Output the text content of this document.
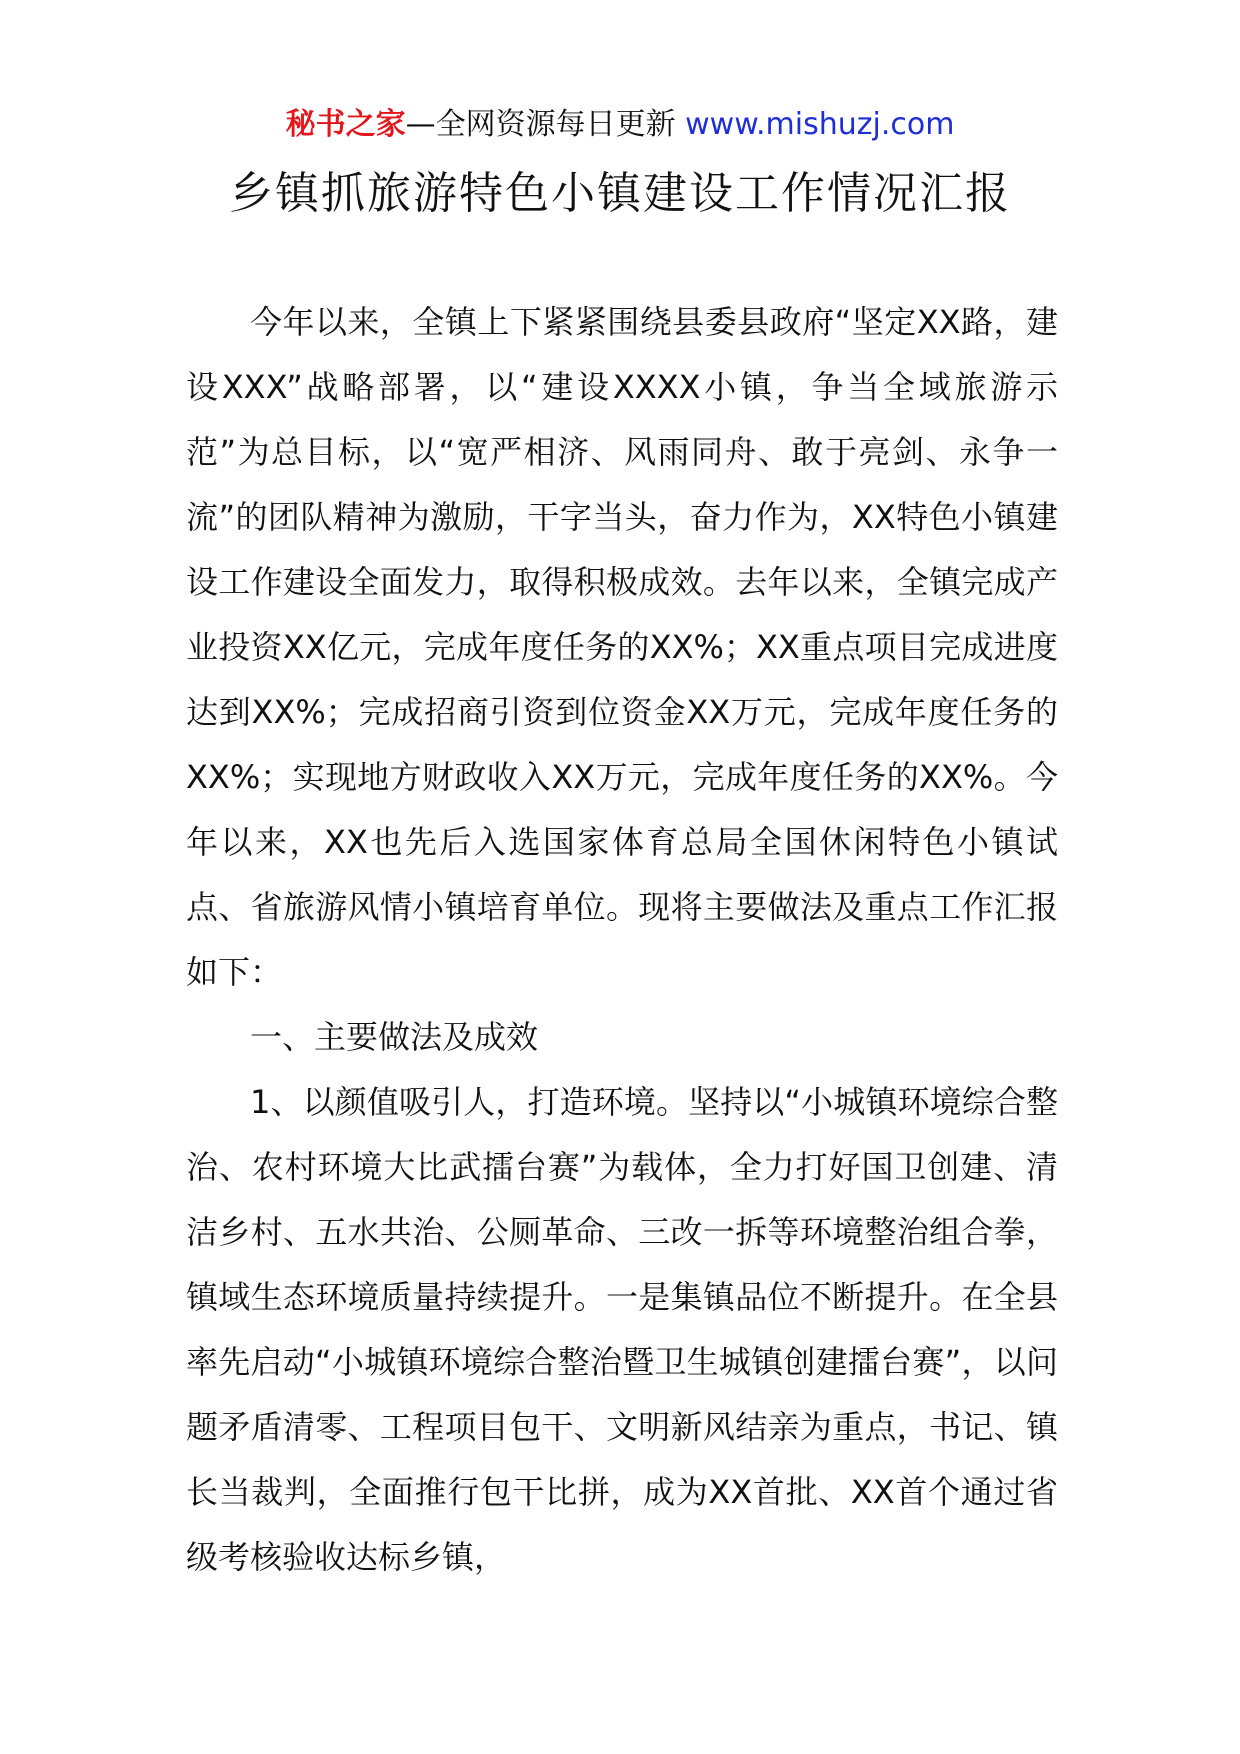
秘书之家—全网资源每日更新 www.mishuzj.com
乡镇抓旅游特色小镇建设工作情况汇报

今年以来，全镇上下紧紧围绕县委县政府“坚定XX路，建设XXX”战略部署，以“建设XXXX小镇，争当全域旅游示范”为总目标，以“宽严相济、风雨同舟、敢于亮剑、永争一流”的团队精神为激励，干字当头，奋力作为，XX特色小镇建设工作建设全面发力，取得积极成效。去年以来，全镇完成产业投资XX亿元，完成年度任务的XX%；XX重点项目完成进度达到XX%；完成招商引资到位资金XX万元，完成年度任务的XX%；实现地方财政收入XX万元，完成年度任务的XX%。今年以来，XX也先后入选国家体育总局全国休闲特色小镇试点、省旅游风情小镇培育单位。现将主要做法及重点工作汇报如下：

一、主要做法及成效

1、以颜值吸引人，打造环境。坚持以“小城镇环境综合整治、农村环境大比武擂台赛”为载体，全力打好国卫创建、清洁乡村、五水共治、公厕革命、三改一拆等环境整治组合拳，镇域生态环境质量持续提升。一是集镇品位不断提升。在全县率先启动“小城镇环境综合整治暨卫生城镇创建擂台赛”，以问题矛盾清零、工程项目包干、文明新风结亲为重点，书记、镇长当裁判，全面推行包干比拼，成为XX首批、XX首个通过省级考核验收达标乡镇，
